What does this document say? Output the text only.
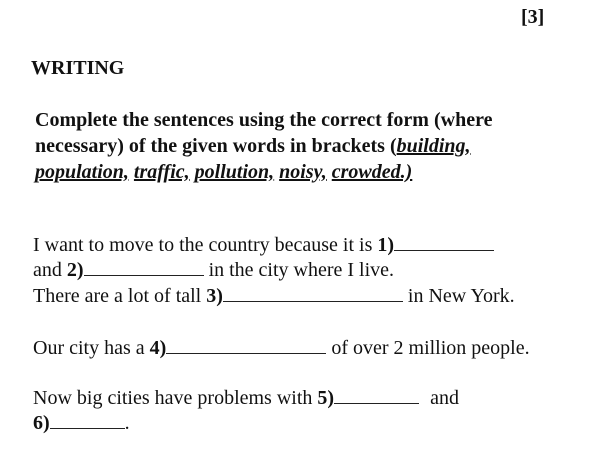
[3]
WRITING
Complete the sentences using the correct form (where
necessary) of the given words in brackets (building,
population, traffic, pollution, noisy, crowded.)
I want to move to the country because it is 1)
and 2)	in the city where I live.
There are a lot of tall 3)	in New York.
Our city has a 4)	of over 2 million people.
Now big cities have problems with 5)	and
6)	.
